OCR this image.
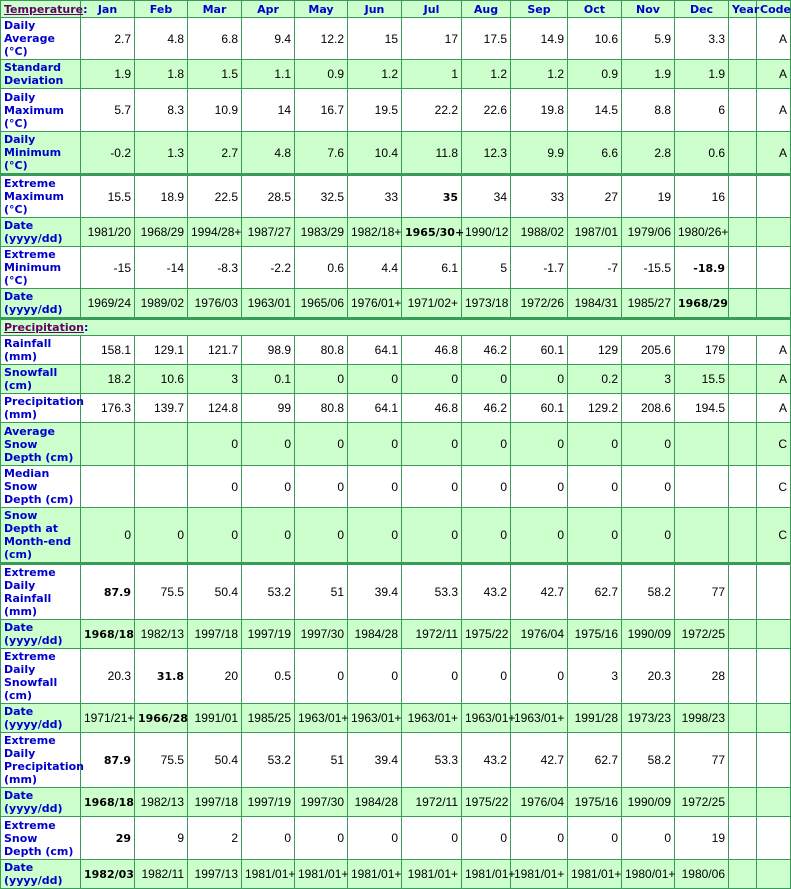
Temperature:	Jan	Feb	Mar	Apr	May	Jun	Jul	Aug	Sep	Oct	Nov	Dec	Year	Code
Daily Average (°C)	2.7	4.8	6.8	9.4	12.2	15	17	17.5	14.9	10.6	5.9	3.3		A
Standard Deviation	1.9	1.8	1.5	1.1	0.9	1.2	1	1.2	1.2	0.9	1.9	1.9		A
Daily Maximum (°C)	5.7	8.3	10.9	14	16.7	19.5	22.2	22.6	19.8	14.5	8.8	6		A
Daily Minimum (°C)	-0.2	1.3	2.7	4.8	7.6	10.4	11.8	12.3	9.9	6.6	2.8	0.6		A
Extreme Maximum (°C)	15.5	18.9	22.5	28.5	32.5	33	35	34	33	27	19	16		
Date (yyyy/dd)	1981/20	1968/29	1994/28+	1987/27	1983/29	1982/18+	1965/30+	1990/12	1988/02	1987/01	1979/06	1980/26+		
Extreme Minimum (°C)	-15	-14	-8.3	-2.2	0.6	4.4	6.1	5	-1.7	-7	-15.5	-18.9		
Date (yyyy/dd)	1969/24	1989/02	1976/03	1963/01	1965/06	1976/01+	1971/02+	1973/18	1972/26	1984/31	1985/27	1968/29		
Precipitation:														
Rainfall (mm)	158.1	129.1	121.7	98.9	80.8	64.1	46.8	46.2	60.1	129	205.6	179		A
Snowfall (cm)	18.2	10.6	3	0.1	0	0	0	0	0	0.2	3	15.5		A
Precipitation (mm)	176.3	139.7	124.8	99	80.8	64.1	46.8	46.2	60.1	129.2	208.6	194.5		A
Average Snow Depth (cm)			0	0	0	0	0	0	0	0	0			C
Median Snow Depth (cm)			0	0	0	0	0	0	0	0	0			C
Snow Depth at Month-end (cm)	0	0	0	0	0	0	0	0	0	0	0			C
Extreme Daily Rainfall (mm)	87.9	75.5	50.4	53.2	51	39.4	53.3	43.2	42.7	62.7	58.2	77		
Date (yyyy/dd)	1968/18	1982/13	1997/18	1997/19	1997/30	1984/28	1972/11	1975/22	1976/04	1975/16	1990/09	1972/25		
Extreme Daily Snowfall (cm)	20.3	31.8	20	0.5	0	0	0	0	0	3	20.3	28		
Date (yyyy/dd)	1971/21+	1966/28	1991/01	1985/25	1963/01+	1963/01+	1963/01+	1963/01+	1963/01+	1991/28	1973/23	1998/23		
Extreme Daily Precipitation (mm)	87.9	75.5	50.4	53.2	51	39.4	53.3	43.2	42.7	62.7	58.2	77		
Date (yyyy/dd)	1968/18	1982/13	1997/18	1997/19	1997/30	1984/28	1972/11	1975/22	1976/04	1975/16	1990/09	1972/25		
Extreme Snow Depth (cm)	29	9	2	0	0	0	0	0	0	0	0	19		
Date (yyyy/dd)	1982/03	1982/11	1997/13	1981/01+	1981/01+	1981/01+	1981/01+	1981/01+	1981/01+	1981/01+	1980/01+	1980/06		
